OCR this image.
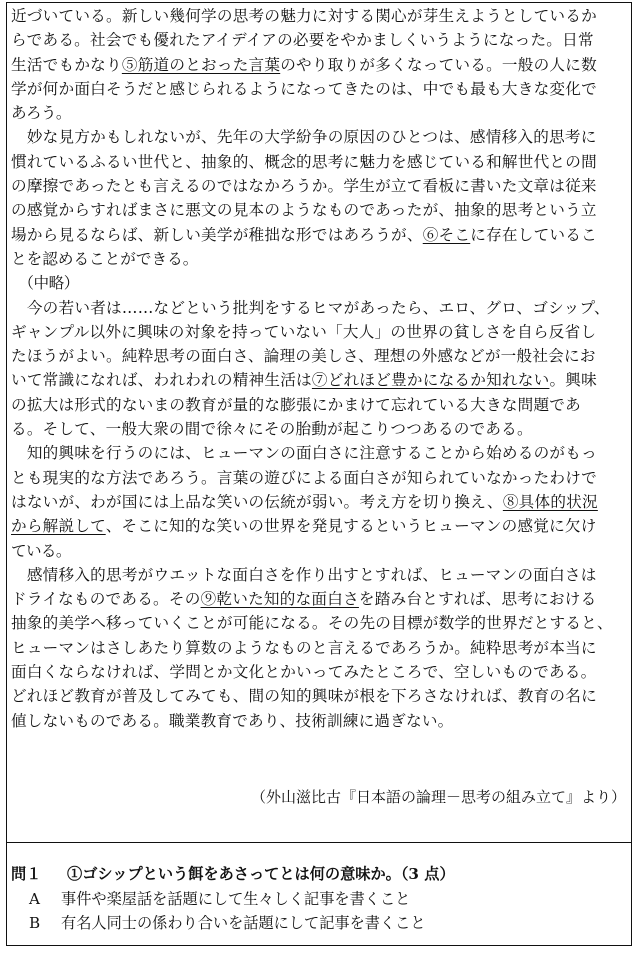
近づいている。新しい幾何学の思考の魅力に対する関心が芽生えようとしているか
らである。社会でも優れたアイデイアの必要をやかましくいうようになった。日常
生活でもかなり⑤筋道のとおった言葉のやり取りが多くなっている。一般の人に数
学が何か面白そうだと感じられるようになってきたのは、中でも最も大きな変化で
あろう。
　妙な見方かもしれないが、先年の大学紛争の原因のひとつは、感情移入的思考に
慣れているふるい世代と、抽象的、概念的思考に魅力を感じている和解世代との間
の摩擦であったとも言えるのではなかろうか。学生が立て看板に書いた文章は従来
の感覚からすればまさに悪文の見本のようなものであったが、抽象的思考という立
場から見るならば、新しい美学が稚拙な形ではあろうが、⑥そこに存在しているこ
とを認めることができる。
　（中略）
　今の若い者は……などという批判をするヒマがあったら、エロ、グロ、ゴシップ、
ギャンプル以外に興味の対象を持っていない「大人」の世界の貧しさを自ら反省し
たほうがよい。純粋思考の面白さ、論理の美しさ、理想の外感などが一般社会にお
いて常識になれば、われわれの精神生活は⑦どれほど豊かになるか知れない。興味
の拡大は形式的ないまの教育が量的な膨張にかまけて忘れている大きな問題であ
る。そして、一般大衆の間で徐々にその胎動が起こりつつあるのである。
　知的興味を行うのには、ヒューマンの面白さに注意することから始めるのがもっ
とも現実的な方法であろう。言葉の遊びによる面白さが知られていなかったわけで
はないが、わが国には上品な笑いの伝統が弱い。考え方を切り換え、⑧具体的状況
から解説して、そこに知的な笑いの世界を発見するというヒューマンの感覚に欠け
ている。
　感情移入的思考がウエットな面白さを作り出すとすれば、ヒューマンの面白さは
ドライなものである。その⑨乾いた知的な面白さを踏み台とすれば、思考における
抽象的美学へ移っていくことが可能になる。その先の目標が数学的世界だとすると、
ヒューマンはさしあたり算数のようなものと言えるであろうか。純粋思考が本当に
面白くならなければ、学問とか文化とかいってみたところで、空しいものである。
どれほど教育が普及してみても、間の知的興味が根を下ろさなければ、教育の名に
値しないものである。職業教育であり、技術訓練に過ぎない。
（外山滋比古『日本語の論理－思考の組み立て』より）
問１ ①ゴシップという餌をあさってとは何の意味か。（3 点）
A 事件や楽屋話を話題にして生々しく記事を書くこと
B 有名人同士の係わり合いを話題にして記事を書くこと
